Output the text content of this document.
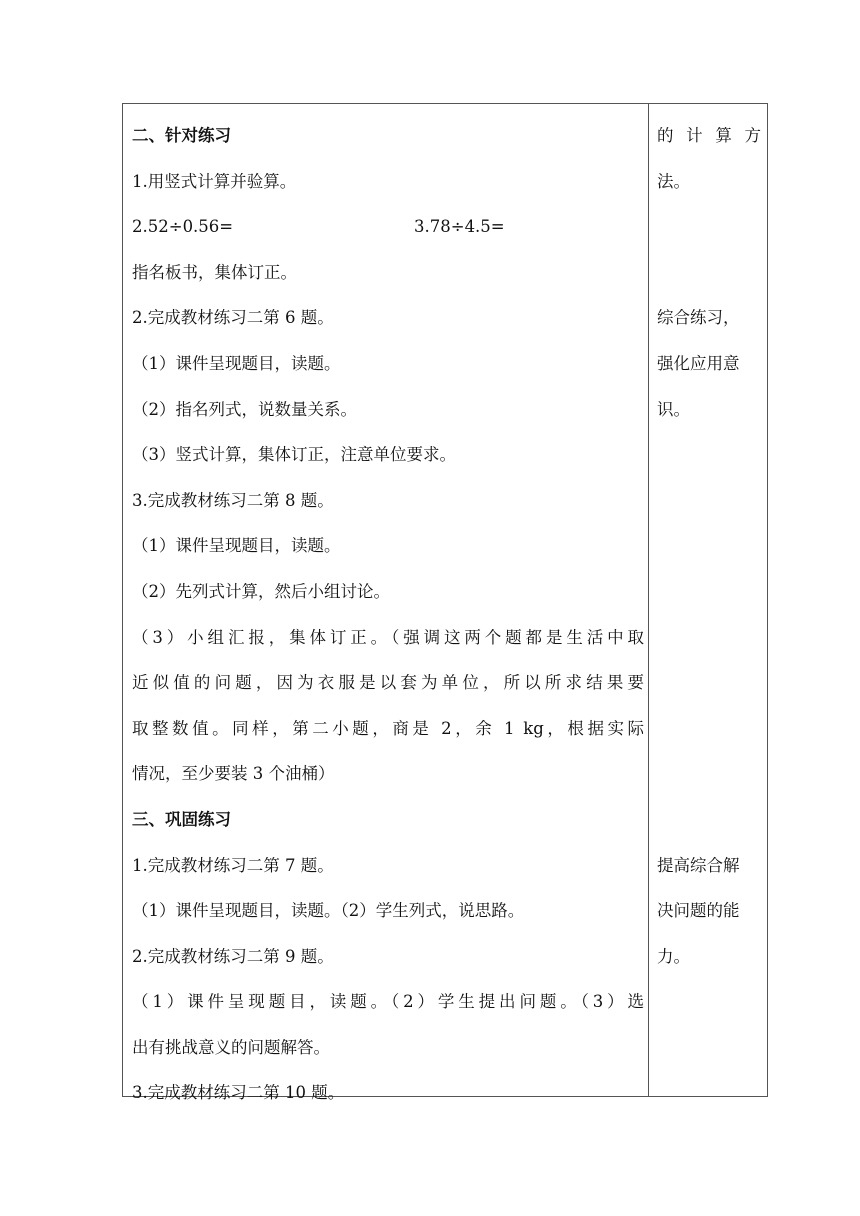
二、针对练习
1.用竖式计算并验算。
2.52÷0.56=	3.78÷4.5=
指名板书，集体订正。
2.完成教材练习二第 6 题。
（1）课件呈现题目，读题。
（2）指名列式，说数量关系。
（3）竖式计算，集体订正，注意单位要求。
3.完成教材练习二第 8 题。
（1）课件呈现题目，读题。
（2）先列式计算，然后小组讨论。
（3）小组汇报，集体订正。（强调这两个题都是生活中取
近似值的问题，因为衣服是以套为单位，所以所求结果要
取整数值。同样，第二小题，商是 2，余 1 kg，根据实际
情况，至少要装 3 个油桶）
三、巩固练习
1.完成教材练习二第 7 题。
（1）课件呈现题目，读题。（2）学生列式，说思路。
2.完成教材练习二第 9 题。
（1）课件呈现题目，读题。（2）学生提出问题。（3）选
出有挑战意义的问题解答。
3.完成教材练习二第 10 题。
的计算方
法。
综合练习，
强化应用意
识。
提高综合解
决问题的能
力。
